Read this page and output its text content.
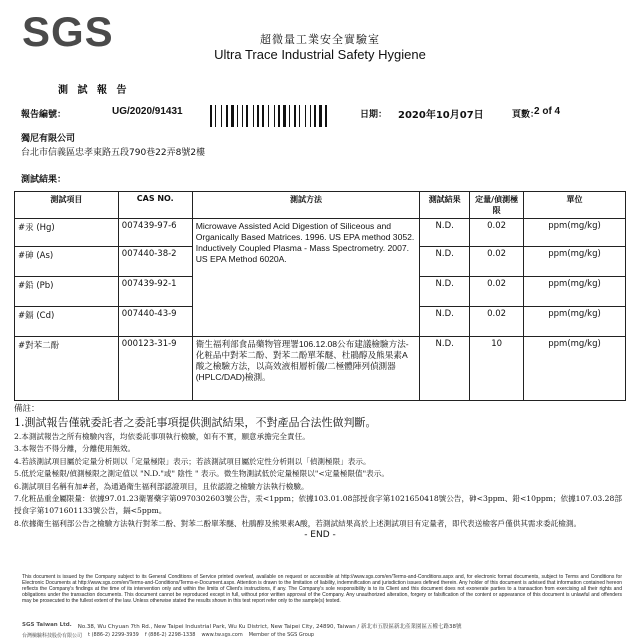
SGS	超微量工業安全實驗室
Ultra Trace Industrial Safety Hygiene
測 試 報 告
報告編號：	UG/2020/91431	日期： 2020年10月07日	頁數：
2 of 4
獨尼有限公司
台北市信義區忠孝東路五段790巷22弄8號2樓
測試結果：
測試項目	CAS NO.	測試方法	測試結果	定量/偵測極限	單位
#汞 (Hg)	007439-97-6	Microwave Assisted Acid Digestion of Siliceous and Organically Based Matrices. 1996. US EPA method 3052. Inductively Coupled Plasma - Mass Spectrometry. 2007. US EPA Method 6020A.	N.D.	0.02	ppm(mg/kg)
#砷 (As)	007440-38-2		N.D.	0.02	ppm(mg/kg)
#鉛 (Pb)	007439-92-1		N.D.	0.02	ppm(mg/kg)
#鎘 (Cd)	007440-43-9		N.D.	0.02	ppm(mg/kg)
#對苯二酚	000123-31-9	衛生福利部食品藥物管理署106.12.08公布建議檢驗方法-化粧品中對苯二酚、對苯二酚單苯醚、杜鵑醇及熊果素A酸之檢驗方法，以高效液相層析儀/二極體陣列偵測器(HPLC/DAD)檢測。	N.D.	10	ppm(mg/kg)
備註：
1.測試報告僅就委託者之委託事項提供測試結果，不對產品合法性做判斷。
2.本測試報告之所有檢驗內容，均依委託事項執行檢驗，如有不實，願意承擔完全責任。
3.本報告不得分離，分離使用無效。
4.若該測試項目屬於定量分析則以「定量極限」表示；若該測試項目屬於定性分析則以「偵測極限」表示。
5.低於定量極限/偵測極限之測定值以 "N.D."或" 陰性 " 表示。微生物測試低於定量極限以"<定量極限值"表示。
6.測試項目名稱有加#者，為通過衛生福利部認證項目，且依認證之檢驗方法執行檢驗。
7.化粧品重金屬限量：依據97.01.23衛署藥字第0970302603號公告，汞<1ppm；依據103.01.08部授食字第1021650418號公告，砷<3ppm、鉛<10ppm；依據107.03.28部授食字第1071601133號公告，鎘<5ppm。
8.依據衛生福利部公告之檢驗方法執行對苯二酚、對苯二酚單苯醚、杜鵑醇及熊果素A酸，若測試結果高於上述測試項目有定量者，即代表送檢客戶僅供其需求委託檢測。
- END -
This document is issued by the Company subject to its General Conditions of Service printed overleaf, available on request or accessible at http://www.sgs.com/en/Terms-and-Conditions.aspx and, for electronic format documents, subject to Terms and Conditions for Electronic Documents at http://www.sgs.com/en/Terms-and-Conditions/Terms-e-Document.aspx. Attention is drawn to the limitation of liability, indemnification and jurisdiction issues defined therein. Any holder of this document is advised that information contained hereon reflects the Company's findings at the time of its intervention only and within the limits of Client's instructions, if any. The Company's sole responsibility is to its Client and this document does not exonerate parties to a transaction from exercising all their rights and obligations under the transaction documents. This document cannot be reproduced except in full, without prior written approval of the Company. Any unauthorized alteration, forgery or falsification of the content or appearance of this document is unlawful and offenders may be prosecuted to the fullest extent of the law. Unless otherwise stated the results shown in this test report refer only to the sample(s) tested.
SGS Taiwan Ltd. No.38, Wu Chyuan 7th Rd., New Taipei Industrial Park, Wu Ku District, New Taipei City, 24890, Taiwan / 新北市五股區新北產業園區五權七路38號
台灣檢驗科技股份有限公司 t (886-2) 2299-3939 f (886-2) 2298-1338 www.tw.sgs.com Member of the SGS Group
